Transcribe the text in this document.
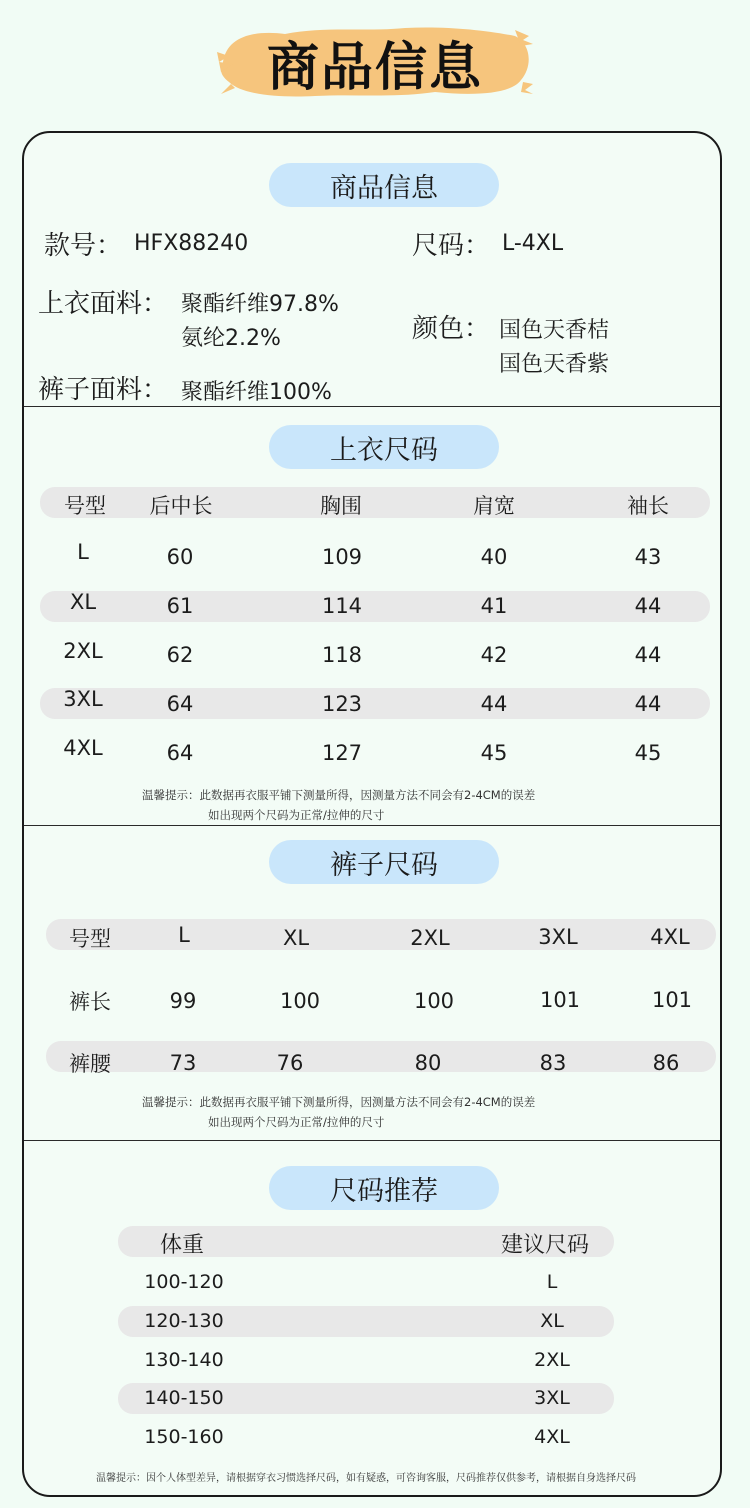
商品信息
商品信息
款号： HFX88240	尺码： L-4XL
上衣面料： 聚酯纤维97.8%
氨纶2.2%	颜色： 国色天香桔
国色天香紫
裤子面料： 聚酯纤维100%
上衣尺码
号型 后中长	胸围	肩宽	袖长
L	60	109	40	43
XL	61	114	41	44
2XL	62	118	42	44
3XL	64	123	44	44
4XL	64	127	45	45
温馨提示：此数据再衣服平铺下测量所得，因测量方法不同会有2-4CM的误差
如出现两个尺码为正常/拉伸的尺寸
裤子尺码
号型	L	XL	2XL	3XL	4XL
裤长	99	100	100	101	101
裤腰	73	76	80	83	86
温馨提示：此数据再衣服平铺下测量所得，因测量方法不同会有2-4CM的误差
如出现两个尺码为正常/拉伸的尺寸
尺码推荐
体重	建议尺码
100-120	L
120-130	XL
130-140	2XL
140-150	3XL
150-160	4XL
温馨提示：因个人体型差异，请根据穿衣习惯选择尺码，如有疑惑，可咨询客服，尺码推荐仅供参考，请根据自身选择尺码
